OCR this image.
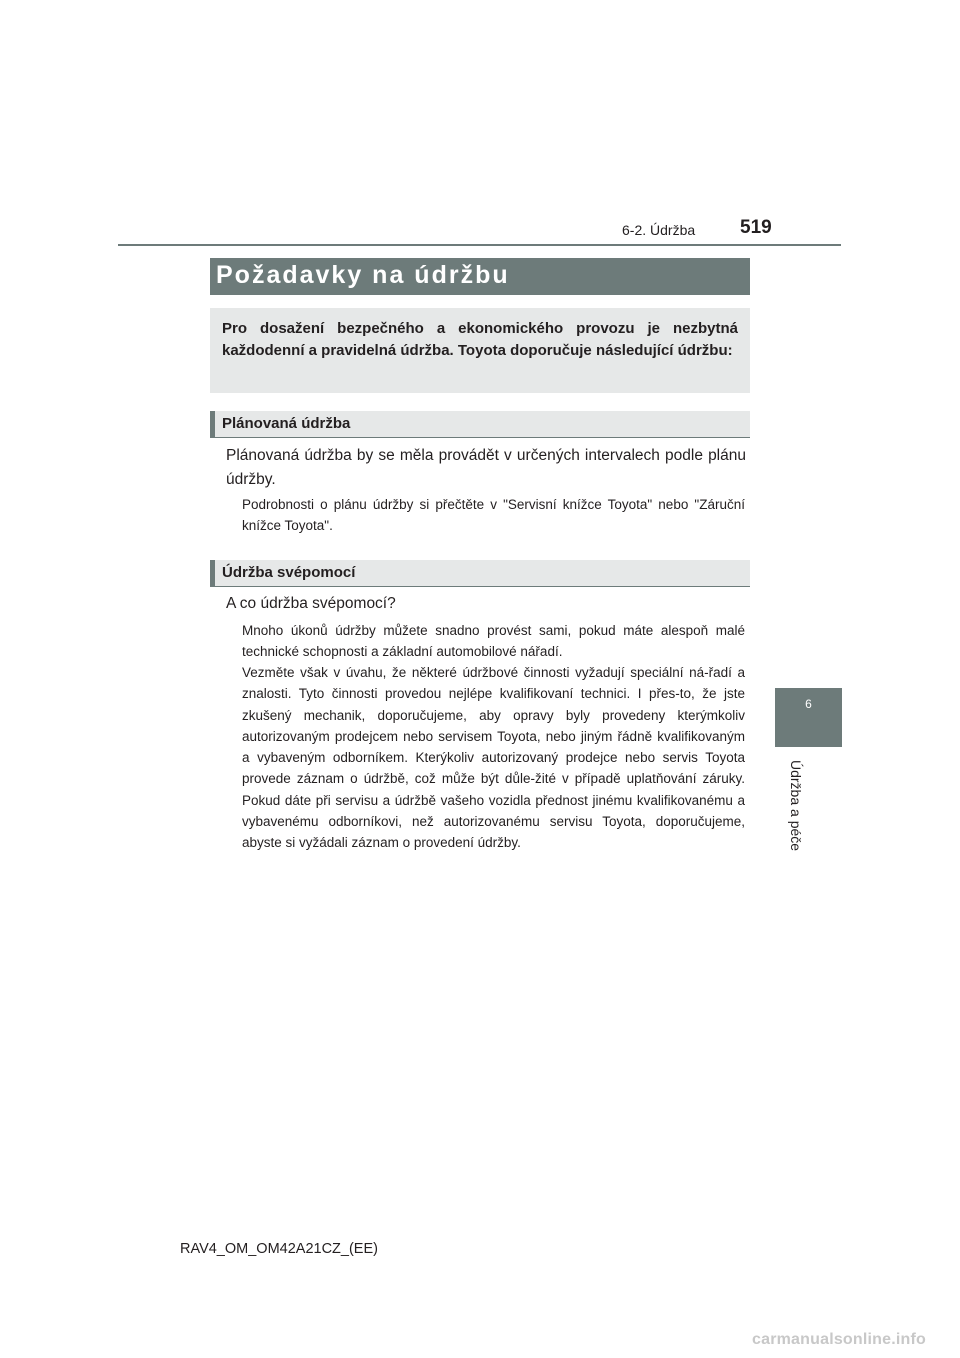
6-2. Údržba 519
6
Údržba a péče
Požadavky na údržbu
Pro dosažení bezpečného a ekonomického provozu je nezbytná každodenní a pravidelná údržba. Toyota doporučuje následující údržbu:
Plánovaná údržba
Plánovaná údržba by se měla provádět v určených intervalech podle plánu údržby.
Podrobnosti o plánu údržby si přečtěte v "Servisní knížce Toyota" nebo "Záruční knížce Toyota".
Údržba svépomocí
A co údržba svépomocí?
Mnoho úkonů údržby můžete snadno provést sami, pokud máte alespoň malé technické schopnosti a základní automobilové nářadí.
Vezměte však v úvahu, že některé údržbové činnosti vyžadují speciální ná-řadí a znalosti. Tyto činnosti provedou nejlépe kvalifikovaní technici. I přes-to, že jste zkušený mechanik, doporučujeme, aby opravy byly provedeny kterýmkoliv autorizovaným prodejcem nebo servisem Toyota, nebo jiným řádně kvalifikovaným a vybaveným odborníkem. Kterýkoliv autorizovaný prodejce nebo servis Toyota provede záznam o údržbě, což může být důle-žité v případě uplatňování záruky. Pokud dáte při servisu a údržbě vašeho vozidla přednost jinému kvalifikovanému a vybavenému odborníkovi, než autorizovanému servisu Toyota, doporučujeme, abyste si vyžádali záznam o provedení údržby.
RAV4_OM_OM42A21CZ_(EE)
carmanualsonline.info
